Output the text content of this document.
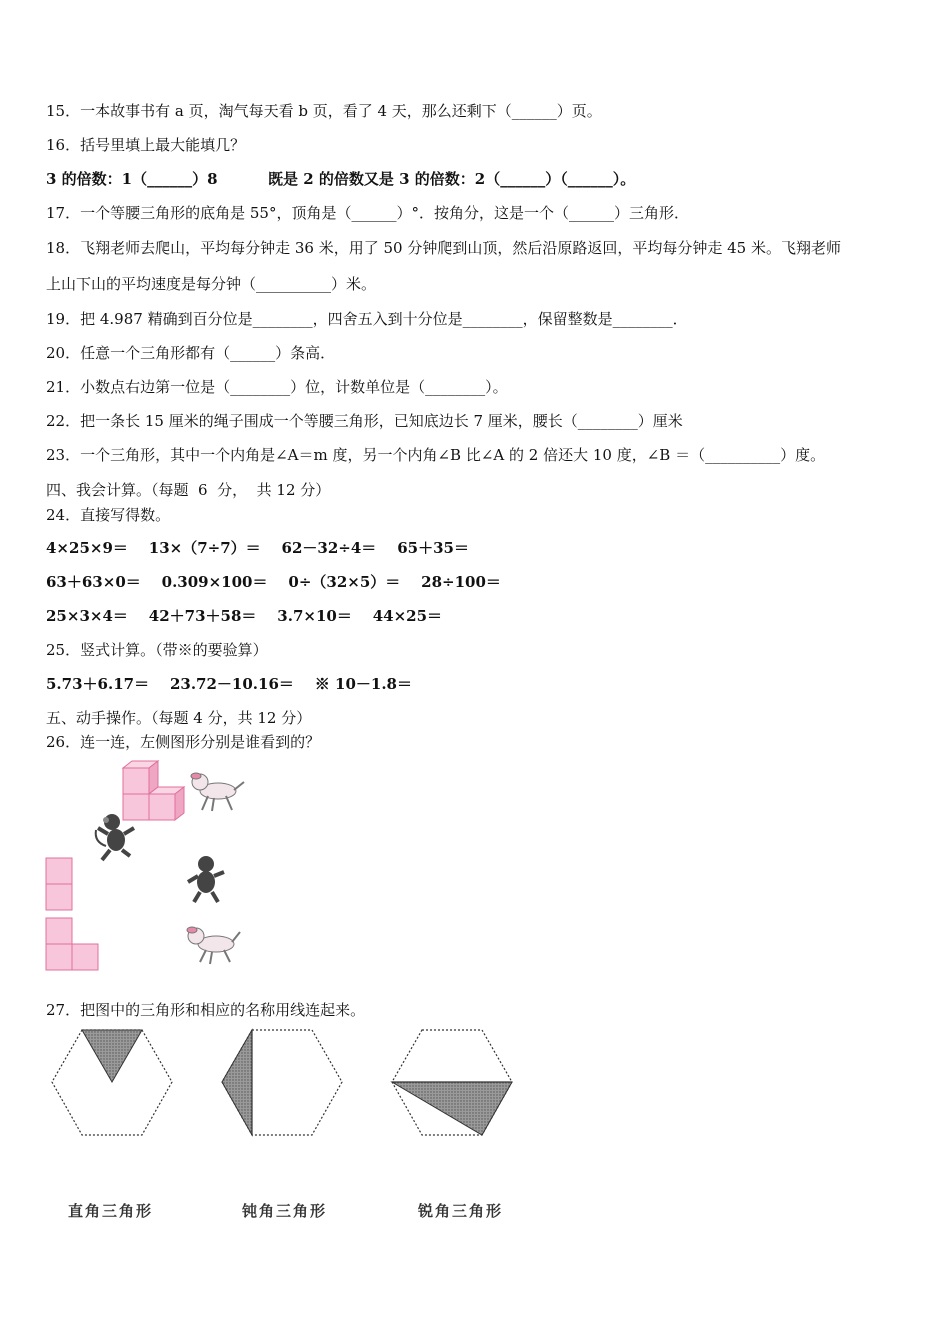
15．一本故事书有 a 页，淘气每天看 b 页，看了 4 天，那么还剩下（______）页。
16．括号里填上最大能填几？
3 的倍数：1（______）8	既是 2 的倍数又是 3 的倍数：2（______）（______）。
17．一个等腰三角形的底角是 55°，顶角是（______）°．按角分，这是一个（______）三角形．
18．飞翔老师去爬山，平均每分钟走 36 米，用了 50 分钟爬到山顶，然后沿原路返回，平均每分钟走 45 米。飞翔老师
上山下山的平均速度是每分钟（__________）米。
19．把 4.987 精确到百分位是________，四舍五入到十分位是________，保留整数是________．
20．任意一个三角形都有（______）条高．
21．小数点右边第一位是（________）位，计数单位是（________）。
22．把一条长 15 厘米的绳子围成一个等腰三角形，已知底边长 7 厘米，腰长（________）厘米
23．一个三角形，其中一个内角是∠A＝m 度，另一个内角∠B 比∠A 的 2 倍还大 10 度，∠B ＝（__________）度。
四、我会计算。（每题  6  分，  共 12 分）
24．直接写得数。
4×25×9＝    13×（7÷7）＝    62－32÷4＝    65＋35＝
63＋63×0＝    0.309×100＝    0÷（32×5）＝    28÷100＝
25×3×4＝    42＋73＋58＝    3.7×10＝    44×25＝
25．竖式计算。（带※的要验算）
5.73＋6.17＝    23.72－10.16＝    ※ 10－1.8＝
五、动手操作。（每题 4 分，共 12 分）
26．连一连，左侧图形分别是谁看到的？
27．把图中的三角形和相应的名称用线连起来。
直角三角形	钝角三角形	锐角三角形
